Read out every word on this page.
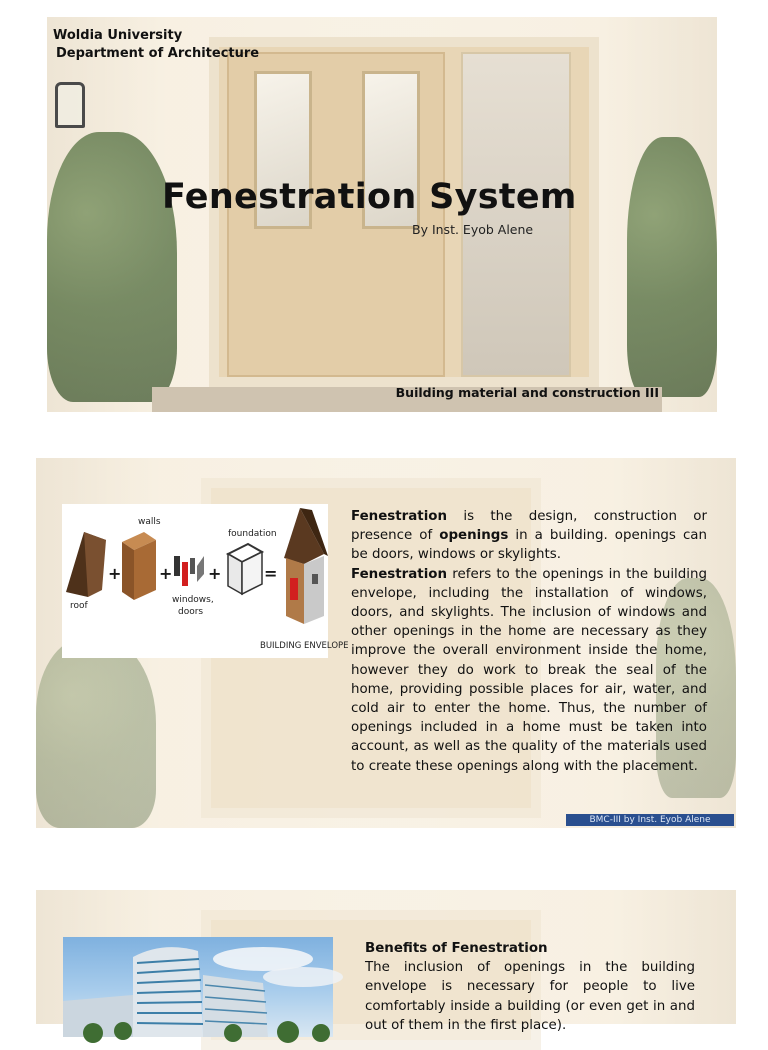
Woldia University
Department of Architecture
Fenestration System
By Inst. Eyob Alene
Building material and construction III
roof
+
walls
+
windows,
doors
+
foundation
=
BUILDING ENVELOPE
Fenestration is the design, construction or presence of openings in a building. openings can be doors, windows or skylights.
Fenestration refers to the openings in the building envelope, including the installation of windows, doors, and skylights. The inclusion of windows and other openings in the home are necessary as they improve the overall environment inside the home, however they do work to break the seal of the home, providing possible places for air, water, and cold air to enter the home. Thus, the number of openings included in a home must be taken into account, as well as the quality of the materials used to create these openings along with the placement.
BMC-III by Inst. Eyob Alene
Benefits of Fenestration
The inclusion of openings in the building envelope is necessary for people to live comfortably inside a building (or even get in and out of them in the first place).
